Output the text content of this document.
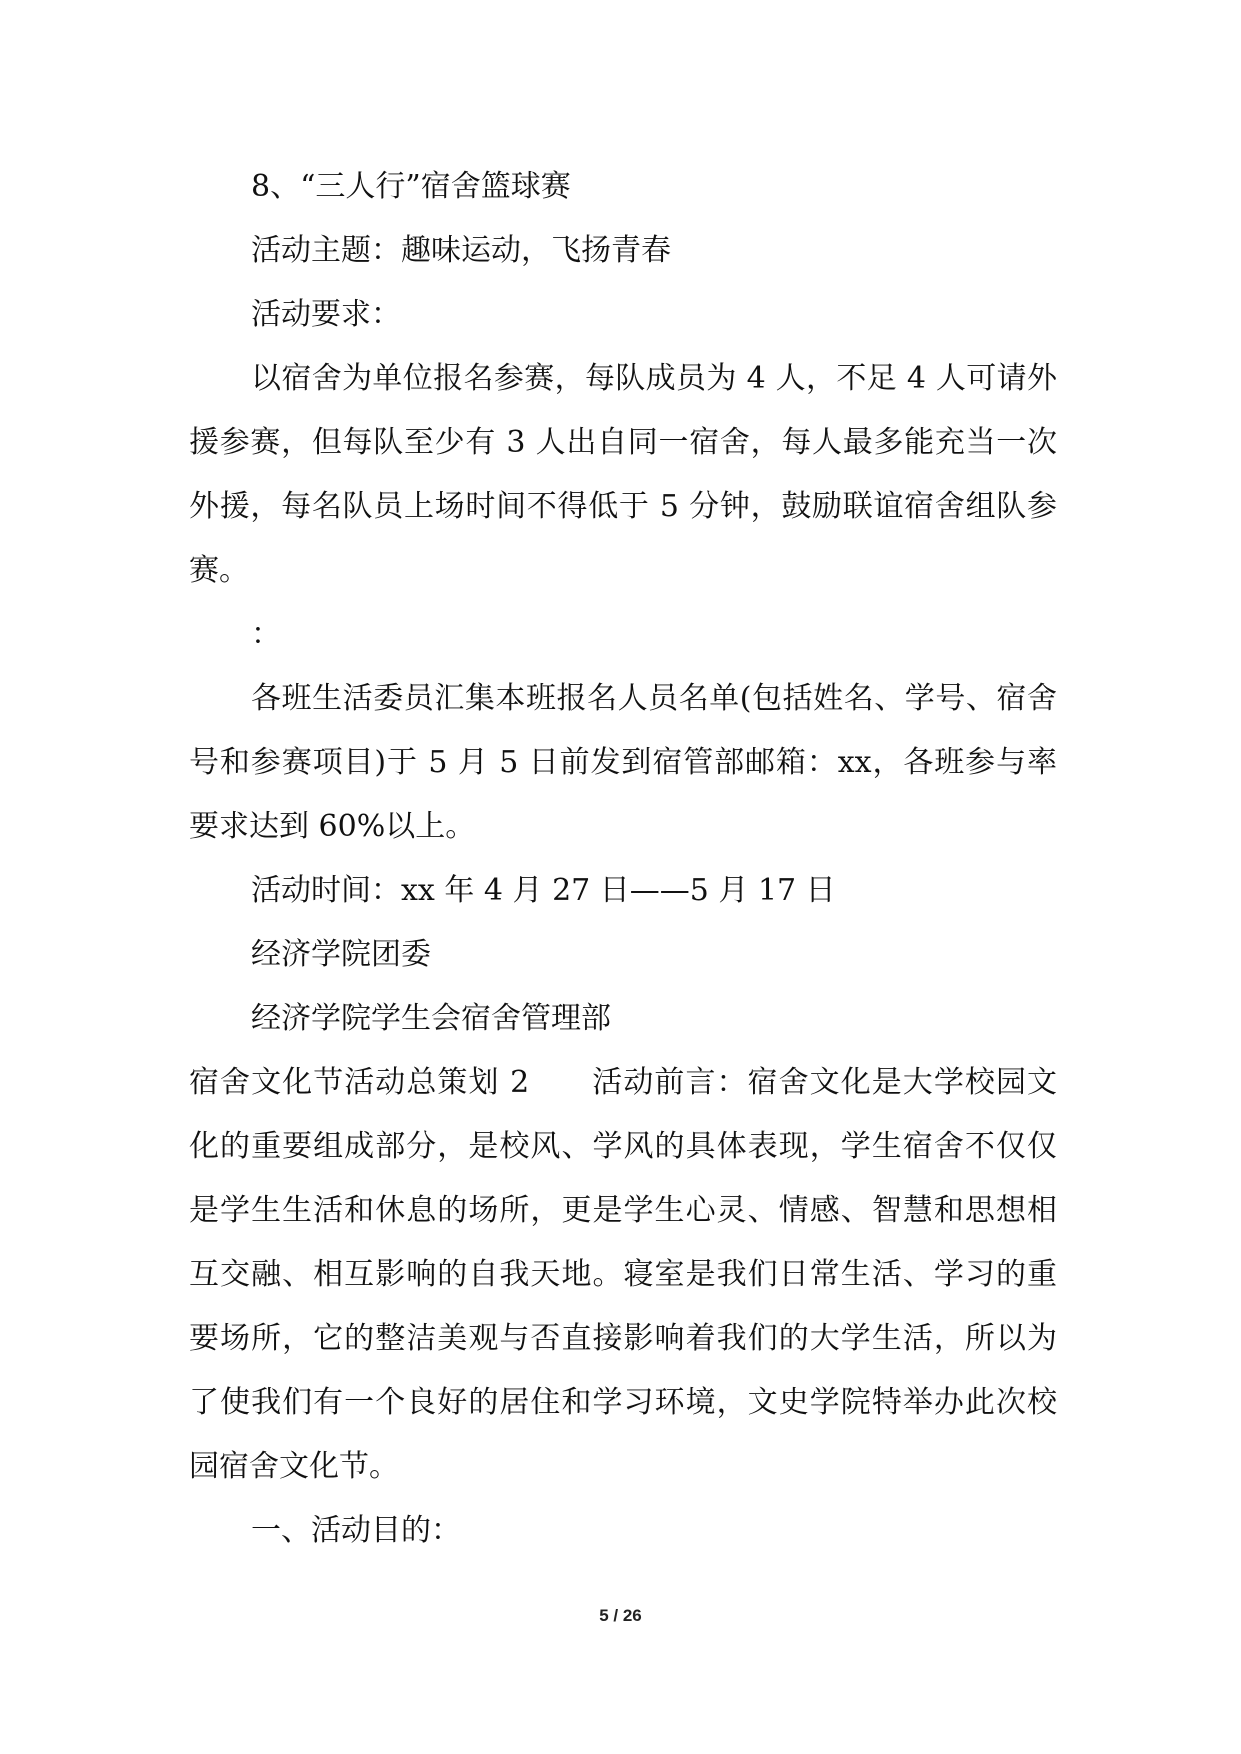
8、“三人行”宿舍篮球赛

活动主题：趣味运动，飞扬青春

活动要求：

以宿舍为单位报名参赛，每队成员为 4 人，不足 4 人可请外援参赛，但每队至少有 3 人出自同一宿舍，每人最多能充当一次外援，每名队员上场时间不得低于 5 分钟，鼓励联谊宿舍组队参赛。

：

各班生活委员汇集本班报名人员名单(包括姓名、学号、宿舍号和参赛项目)于 5 月 5 日前发到宿管部邮箱：xx，各班参与率要求达到 60%以上。

活动时间：xx 年 4 月 27 日——5 月 17 日

经济学院团委

经济学院学生会宿舍管理部

宿舍文化节活动总策划 2　　活动前言：宿舍文化是大学校园文化的重要组成部分，是校风、学风的具体表现，学生宿舍不仅仅是学生生活和休息的场所，更是学生心灵、情感、智慧和思想相互交融、相互影响的自我天地。寝室是我们日常生活、学习的重要场所，它的整洁美观与否直接影响着我们的大学生活，所以为了使我们有一个良好的居住和学习环境，文史学院特举办此次校园宿舍文化节。

一、活动目的：

5 / 26
